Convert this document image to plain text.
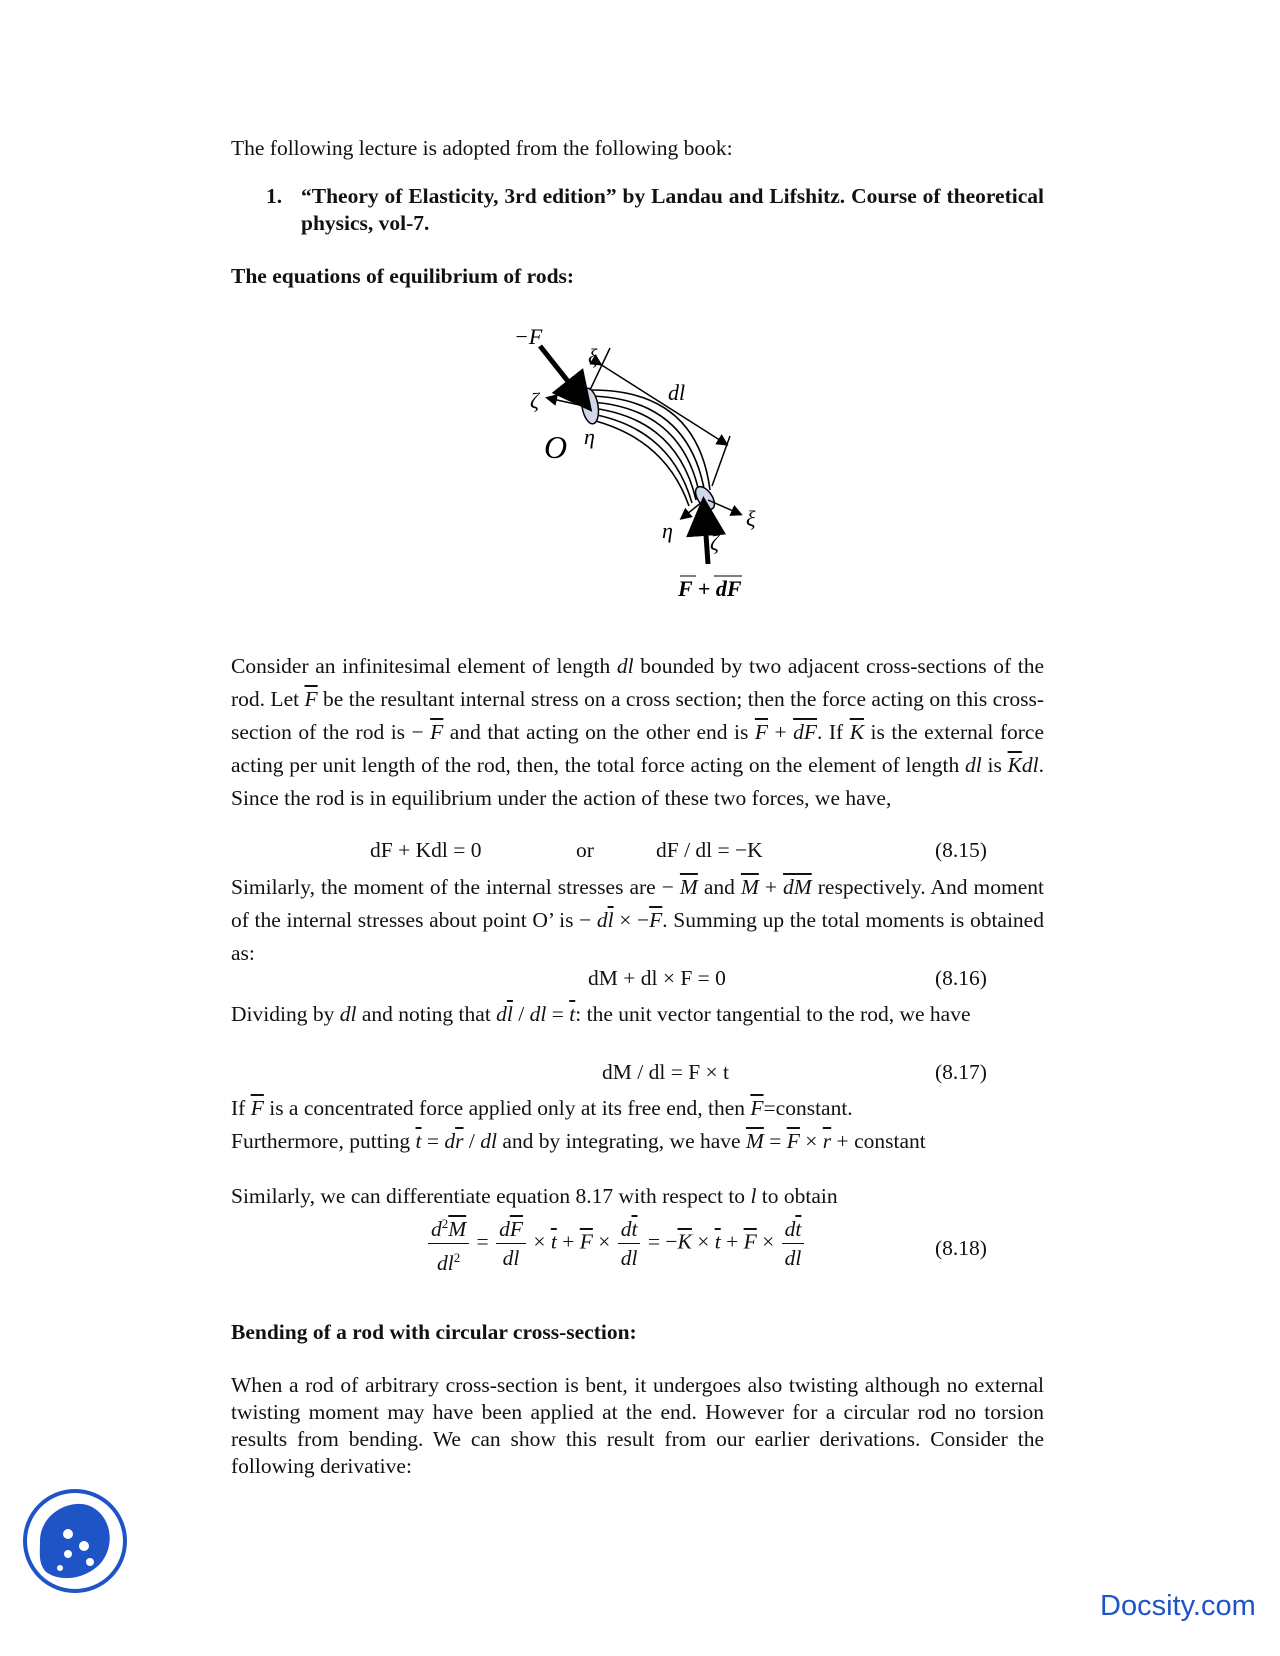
The following lecture is adopted from the following book:
1. “Theory of Elasticity, 3rd edition” by Landau and Lifshitz. Course of theoretical physics, vol-7.
The equations of equilibrium of rods:
−F
ξ
ζ	dl
O η
ξ
η ζ
F + dF
Consider an infinitesimal element of length dl bounded by two adjacent cross-sections of the rod. Let $\overline{F}$ be the resultant internal stress on a cross section; then the force acting on this cross-section of the rod is − $\overline{F}$ and that acting on the other end is $\overline{F} + \overline{dF}$. If $\overline{K}$ is the external force acting per unit length of the rod, then, the total force acting on the element of length dl is $\overline{K}dl$. Since the rod is in equilibrium under the action of these two forces, we have,
dF + Kdl = 0	or	dF / dl = −K	(8.15)
Similarly, the moment of the internal stresses are − $\overline{M}$ and $\overline{M} + \overline{dM}$ respectively. And moment of the internal stresses about point O’ is − $d\overline{l} \times -\overline{F}$. Summing up the total moments is obtained as:
dM + dl × F = 0	(8.16)
Dividing by dl and noting that $d\overline{l}$ / dl = $\overline{t}$: the unit vector tangential to the rod, we have
dM / dl = F × t	(8.17)
If $\overline{F}$ is a concentrated force applied only at its free end, then $\overline{F}=constant$.
Furthermore, putting $\overline{t} = d\overline{r}$ / dl and by integrating, we have $\overline{M} = \overline{F} \times \overline{r}$ + constant
Similarly, we can differentiate equation 8.17 with respect to l to obtain
$\frac{d^2\overline{M}}{dl^2} = \frac{d\overline{F}}{dl} \times \overline{t} + \overline{F} \times \frac{d\overline{t}}{dl} = -\overline{K} \times \overline{t} + \overline{F} \times \frac{d\overline{t}}{dl}$	(8.18)
Bending of a rod with circular cross-section:
When a rod of arbitrary cross-section is bent, it undergoes also twisting although no external twisting moment may have been applied at the end. However for a circular rod no torsion results from bending. We can show this result from our earlier derivations. Consider the following derivative:
Docsity.com
